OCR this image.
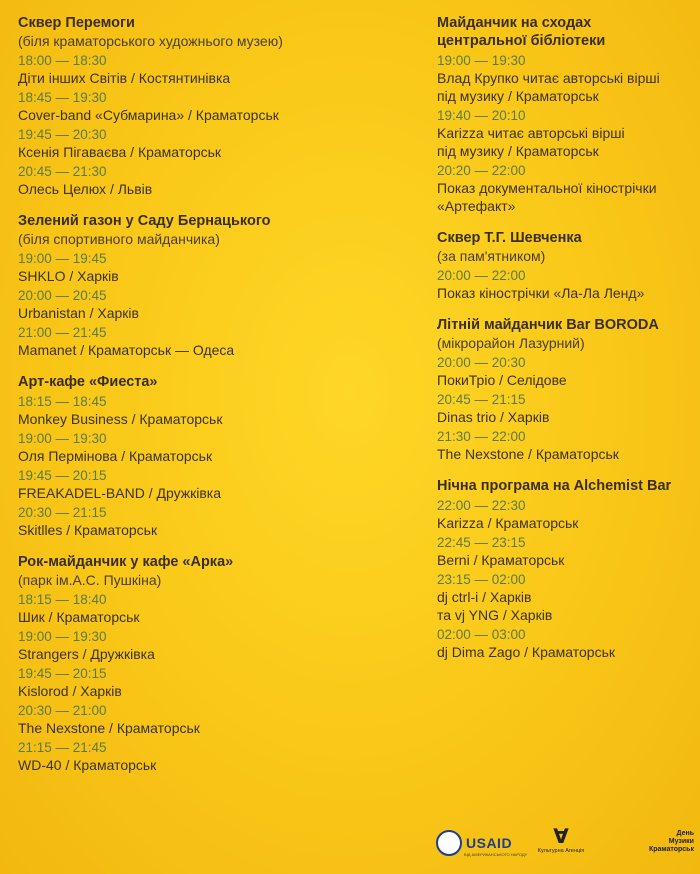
Сквер Перемоги
(біля краматорського художнього музею)
18:00 — 18:30
Діти інших Світів / Костянтинівка
18:45 — 19:30
Cover-band «Субмарина» / Краматорськ
19:45 — 20:30
Ксенія Пігаваєва / Краматорськ
20:45 — 21:30
Олесь Целюх / Львів
Зелений газон у Саду Бернацького
(біля спортивного майданчика)
19:00 — 19:45
SHKLO / Харків
20:00 — 20:45
Urbanistan / Харків
21:00 — 21:45
Mamanet / Краматорськ — Одеса
Арт-кафе «Фиеста»
18:15 — 18:45
Monkey Business / Краматорськ
19:00 — 19:30
Оля Пермінова / Краматорськ
19:45 — 20:15
FREAKADEL-BAND / Дружківка
20:30 — 21:15
Skitlles / Краматорськ
Рок-майданчик у кафе «Арка»
(парк ім.А.С. Пушкіна)
18:15 — 18:40
Шик / Краматорськ
19:00 — 19:30
Strangers / Дружківка
19:45 — 20:15
Kislorod / Харків
20:30 — 21:00
The Nexstone / Краматорськ
21:15 — 21:45
WD-40 / Краматорськ
Майданчик на сходах
центральної бібліотеки
19:00 — 19:30
Влад Крупко читає авторські вірші
під музику / Краматорськ
19:40 — 20:10
Karizza читає авторські вірші
під музику / Краматорськ
20:20 — 22:00
Показ документальної кінострічки
«Артефакт»
Сквер Т.Г. Шевченка
(за пам'ятником)
20:00 — 22:00
Показ кінострічки «Ла-Ла Ленд»
Літній майданчик Bar BORODA
(мікрорайон Лазурний)
20:00 — 20:30
ПокиТріо / Селідове
20:45 — 21:15
Dinas trio / Харків
21:30 — 22:00
The Nexstone / Краматорськ
Нічна програма на Alchemist Bar
22:00 — 22:30
Karizza / Краматорськ
22:45 — 23:15
Berni / Краматорськ
23:15 — 02:00
dj ctrl-i / Харків
та vj YNG / Харків
02:00 — 03:00
dj Dima Zago / Краматорськ
USAID
ВІД АМЕРИКАНСЬКОГО НАРОДУ
∀
Культурна Агенція
День
Музики
Краматорськ
